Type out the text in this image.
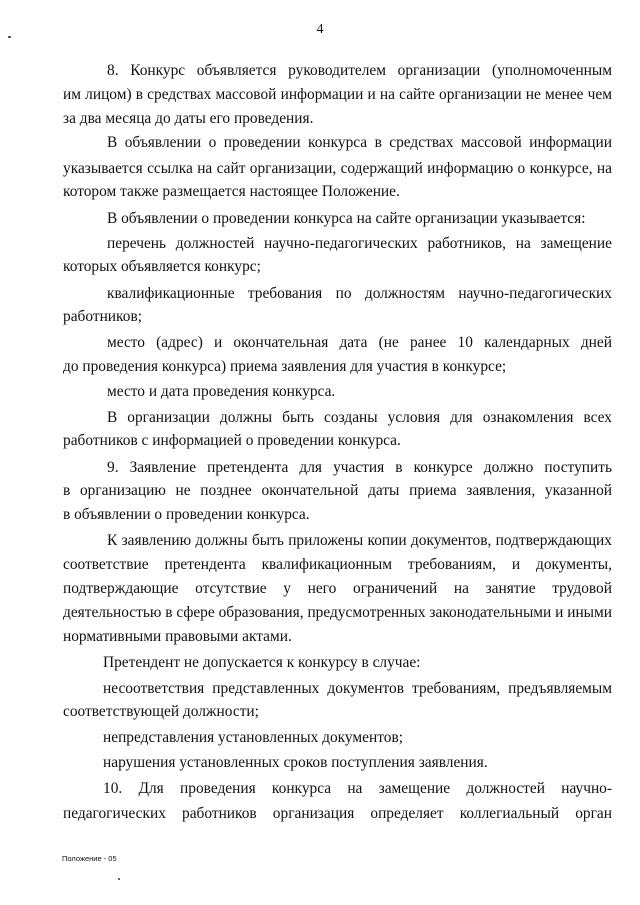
4
8. Конкурс объявляется руководителем организации (уполномоченным
им лицом) в средствах массовой информации и на сайте организации не менее чем
за два месяца до даты его проведения.
В объявлении о проведении конкурса в средствах массовой информации
указывается ссылка на сайт организации, содержащий информацию о конкурсе, на
котором также размещается настоящее Положение.
В объявлении о проведении конкурса на сайте организации указывается:
перечень должностей научно-педагогических работников, на замещение
которых объявляется конкурс;
квалификационные требования по должностям научно-педагогических
работников;
место (адрес) и окончательная дата (не ранее 10 календарных дней
до проведения конкурса) приема заявления для участия в конкурсе;
место и дата проведения конкурса.
В организации должны быть созданы условия для ознакомления всех
работников с информацией о проведении конкурса.
9. Заявление претендента для участия в конкурсе должно поступить
в организацию не позднее окончательной даты приема заявления, указанной
в объявлении о проведении конкурса.
К заявлению должны быть приложены копии документов, подтверждающих
соответствие претендента квалификационным требованиям, и документы,
подтверждающие отсутствие у него ограничений на занятие трудовой
деятельностью в сфере образования, предусмотренных законодательными и иными
нормативными правовыми актами.
Претендент не допускается к конкурсу в случае:
несоответствия представленных документов требованиям, предъявляемым
соответствующей должности;
непредставления установленных документов;
нарушения установленных сроков поступления заявления.
10. Для проведения конкурса на замещение должностей научно-
педагогических работников организация определяет коллегиальный орган
Положение - 05
